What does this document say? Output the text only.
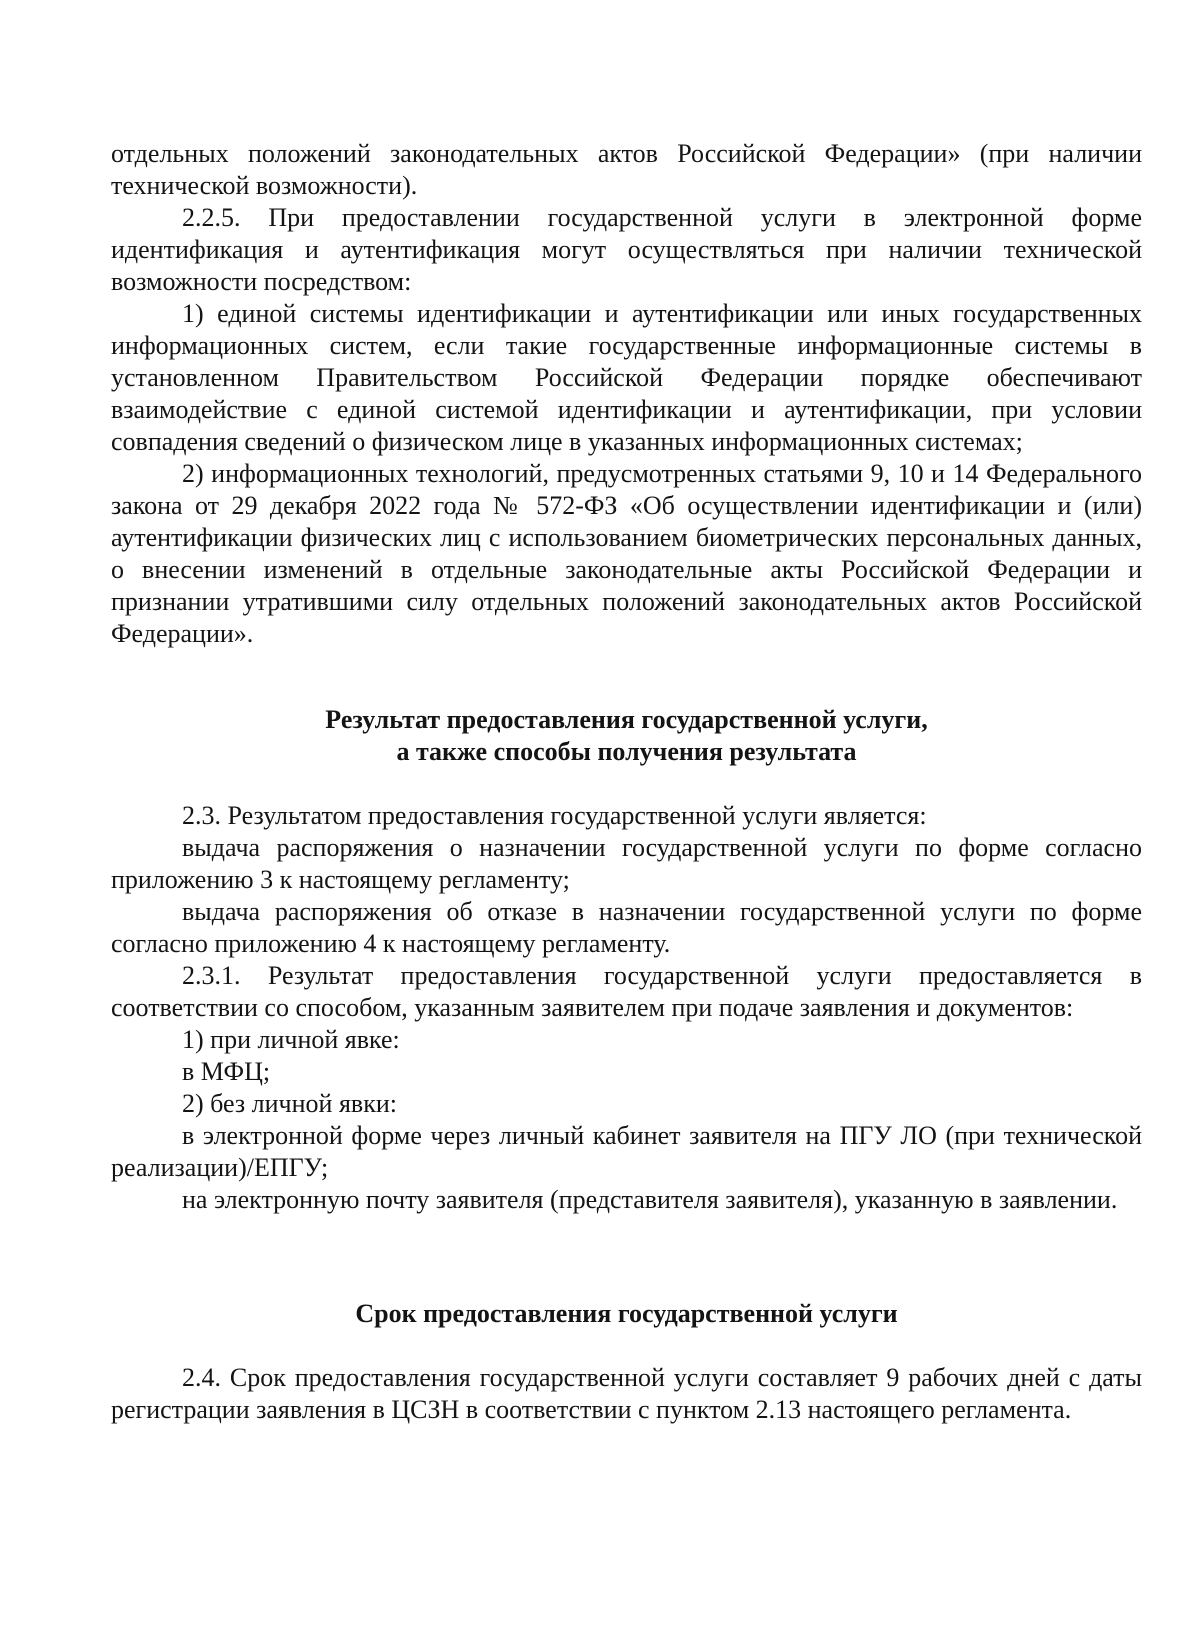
отдельных положений законодательных актов Российской Федерации» (при наличии технической возможности).

2.2.5. При предоставлении государственной услуги в электронной форме идентификация и аутентификация могут осуществляться при наличии технической возможности посредством:

1) единой системы идентификации и аутентификации или иных государственных информационных систем, если такие государственные информационные системы в установленном Правительством Российской Федерации порядке обеспечивают взаимодействие с единой системой идентификации и аутентификации, при условии совпадения сведений о физическом лице в указанных информационных системах;

2) информационных технологий, предусмотренных статьями 9, 10 и 14 Федерального закона от 29 декабря 2022 года № 572-ФЗ «Об осуществлении идентификации и (или) аутентификации физических лиц с использованием биометрических персональных данных, о внесении изменений в отдельные законодательные акты Российской Федерации и признании утратившими силу отдельных положений законодательных актов Российской Федерации».

Результат предоставления государственной услуги,
а также способы получения результата

2.3. Результатом предоставления государственной услуги является:

выдача распоряжения о назначении государственной услуги по форме согласно приложению 3 к настоящему регламенту;

выдача распоряжения об отказе в назначении государственной услуги по форме согласно приложению 4 к настоящему регламенту.

2.3.1. Результат предоставления государственной услуги предоставляется в соответствии со способом, указанным заявителем при подаче заявления и документов:

1) при личной явке:

в МФЦ;

2) без личной явки:

в электронной форме через личный кабинет заявителя на ПГУ ЛО (при технической реализации)/ЕПГУ;

на электронную почту заявителя (представителя заявителя), указанную в заявлении.

Срок предоставления государственной услуги

2.4. Срок предоставления государственной услуги составляет 9 рабочих дней с даты регистрации заявления в ЦСЗН в соответствии с пунктом 2.13 настоящего регламента.
